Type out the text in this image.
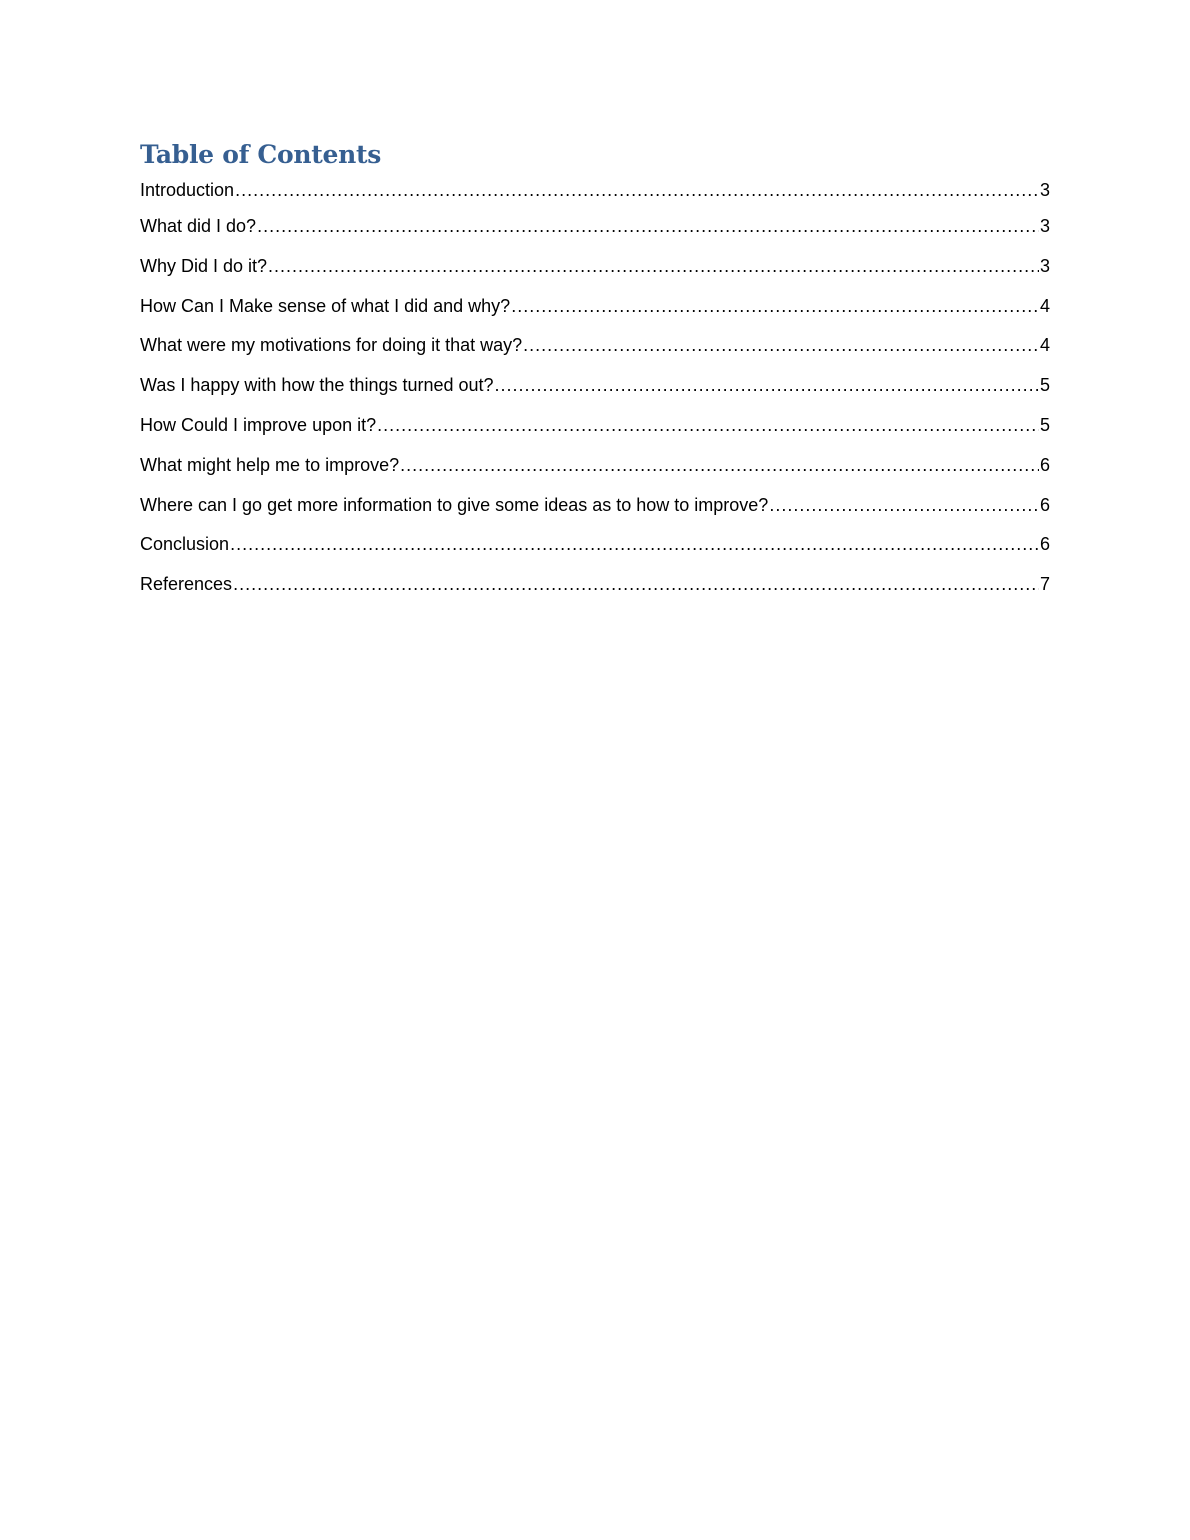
Table of Contents
Introduction .....	3
What did I do? .....	3
Why Did I do it? .....	3
How Can I Make sense of what I did and why? .....	4
What were my motivations for doing it that way? .....	4
Was I happy with how the things turned out? .....	5
How Could I improve upon it? .....	5
What might help me to improve? .....	6
Where can I go get more information to give some ideas as to how to improve? .....	6
Conclusion .....	6
References .....	7
